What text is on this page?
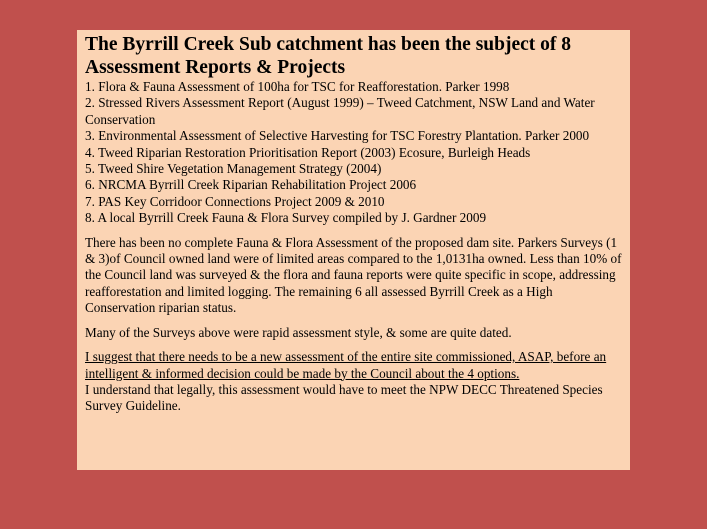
The Byrrill Creek Sub catchment has been the subject of 8 Assessment Reports & Projects

1. Flora & Fauna Assessment of 100ha for TSC for Reafforestation. Parker 1998
2. Stressed Rivers Assessment Report (August 1999) – Tweed Catchment, NSW Land and Water Conservation
3. Environmental Assessment of Selective Harvesting for TSC Forestry Plantation. Parker 2000
4. Tweed Riparian Restoration Prioritisation Report (2003) Ecosure, Burleigh Heads
5. Tweed Shire Vegetation Management Strategy (2004)
6. NRCMA Byrrill Creek Riparian Rehabilitation Project 2006
7. PAS Key Corridoor Connections Project 2009 & 2010
8. A local Byrrill Creek Fauna & Flora Survey compiled by J. Gardner 2009

There has been no complete Fauna & Flora Assessment of the proposed dam site. Parkers Surveys (1 & 3)of Council owned land were of limited areas compared to the 1,0131ha owned. Less than 10% of the Council land was surveyed & the flora and fauna reports were quite specific in scope, addressing reafforestation and limited logging. The remaining 6 all assessed Byrrill Creek as a High Conservation riparian status.

Many of the Surveys above were rapid assessment style, & some are quite dated.

I suggest that there needs to be a new assessment of the entire site commissioned, ASAP, before an intelligent & informed decision could be made by the Council about the 4 options.

I understand that legally, this assessment would have to meet the NPW DECC Threatened Species Survey Guideline.
